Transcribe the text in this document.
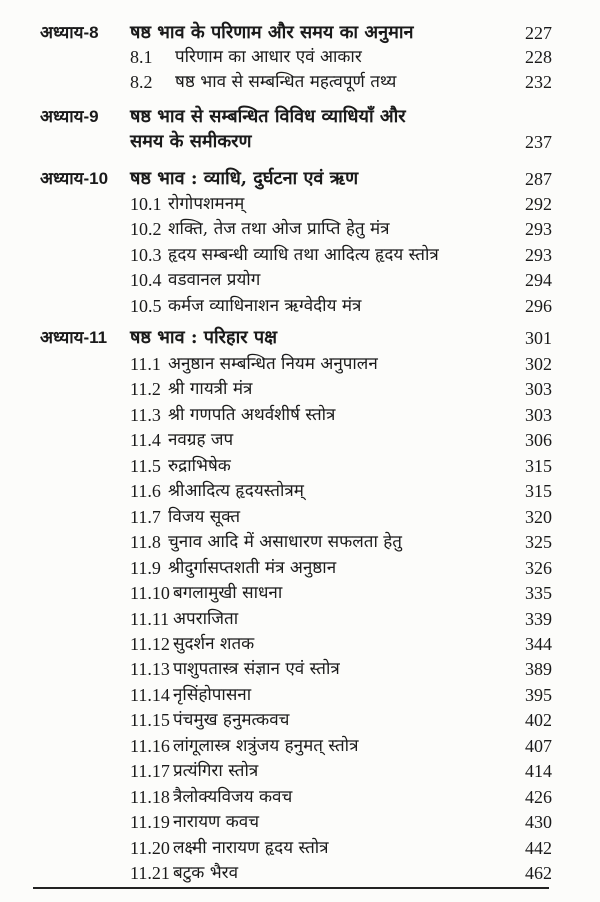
अध्याय-8 षष्ठ भाव के परिणाम और समय का अनुमान	227
8.1 परिणाम का आधार एवं आकार	228
8.2 षष्ठ भाव से सम्बन्धित महत्वपूर्ण तथ्य	232
अध्याय-9 षष्ठ भाव से सम्बन्धित विविध व्याधियाँ और
समय के समीकरण	237
अध्याय-10 षष्ठ भाव : व्याधि, दुर्घटना एवं ऋण	287
10.1 रोगोपशमनम्	292
10.2 शक्ति, तेज तथा ओज प्राप्ति हेतु मंत्र	293
10.3 हृदय सम्बन्धी व्याधि तथा आदित्य हृदय स्तोत्र	293
10.4 वडवानल प्रयोग	294
10.5 कर्मज व्याधिनाशन ऋग्वेदीय मंत्र	296
अध्याय-11 षष्ठ भाव : परिहार पक्ष	301
11.1 अनुष्ठान सम्बन्धित नियम अनुपालन	302
11.2 श्री गायत्री मंत्र	303
11.3 श्री गणपति अथर्वशीर्ष स्तोत्र	303
11.4 नवग्रह जप	306
11.5 रुद्राभिषेक	315
11.6 श्रीआदित्य हृदयस्तोत्रम्	315
11.7 विजय सूक्त	320
11.8 चुनाव आदि में असाधारण सफलता हेतु	325
11.9 श्रीदुर्गासप्तशती मंत्र अनुष्ठान	326
11.10 बगलामुखी साधना	335
11.11 अपराजिता	339
11.12 सुदर्शन शतक	344
11.13 पाशुपतास्त्र संज्ञान एवं स्तोत्र	389
11.14 नृसिंहोपासना	395
11.15 पंचमुख हनुमत्कवच	402
11.16 लांगूलास्त्र शत्रुंजय हनुमत् स्तोत्र	407
11.17 प्रत्यंगिरा स्तोत्र	414
11.18 त्रैलोक्यविजय कवच	426
11.19 नारायण कवच	430
11.20 लक्ष्मी नारायण हृदय स्तोत्र	442
11.21 बटुक भैरव	462
